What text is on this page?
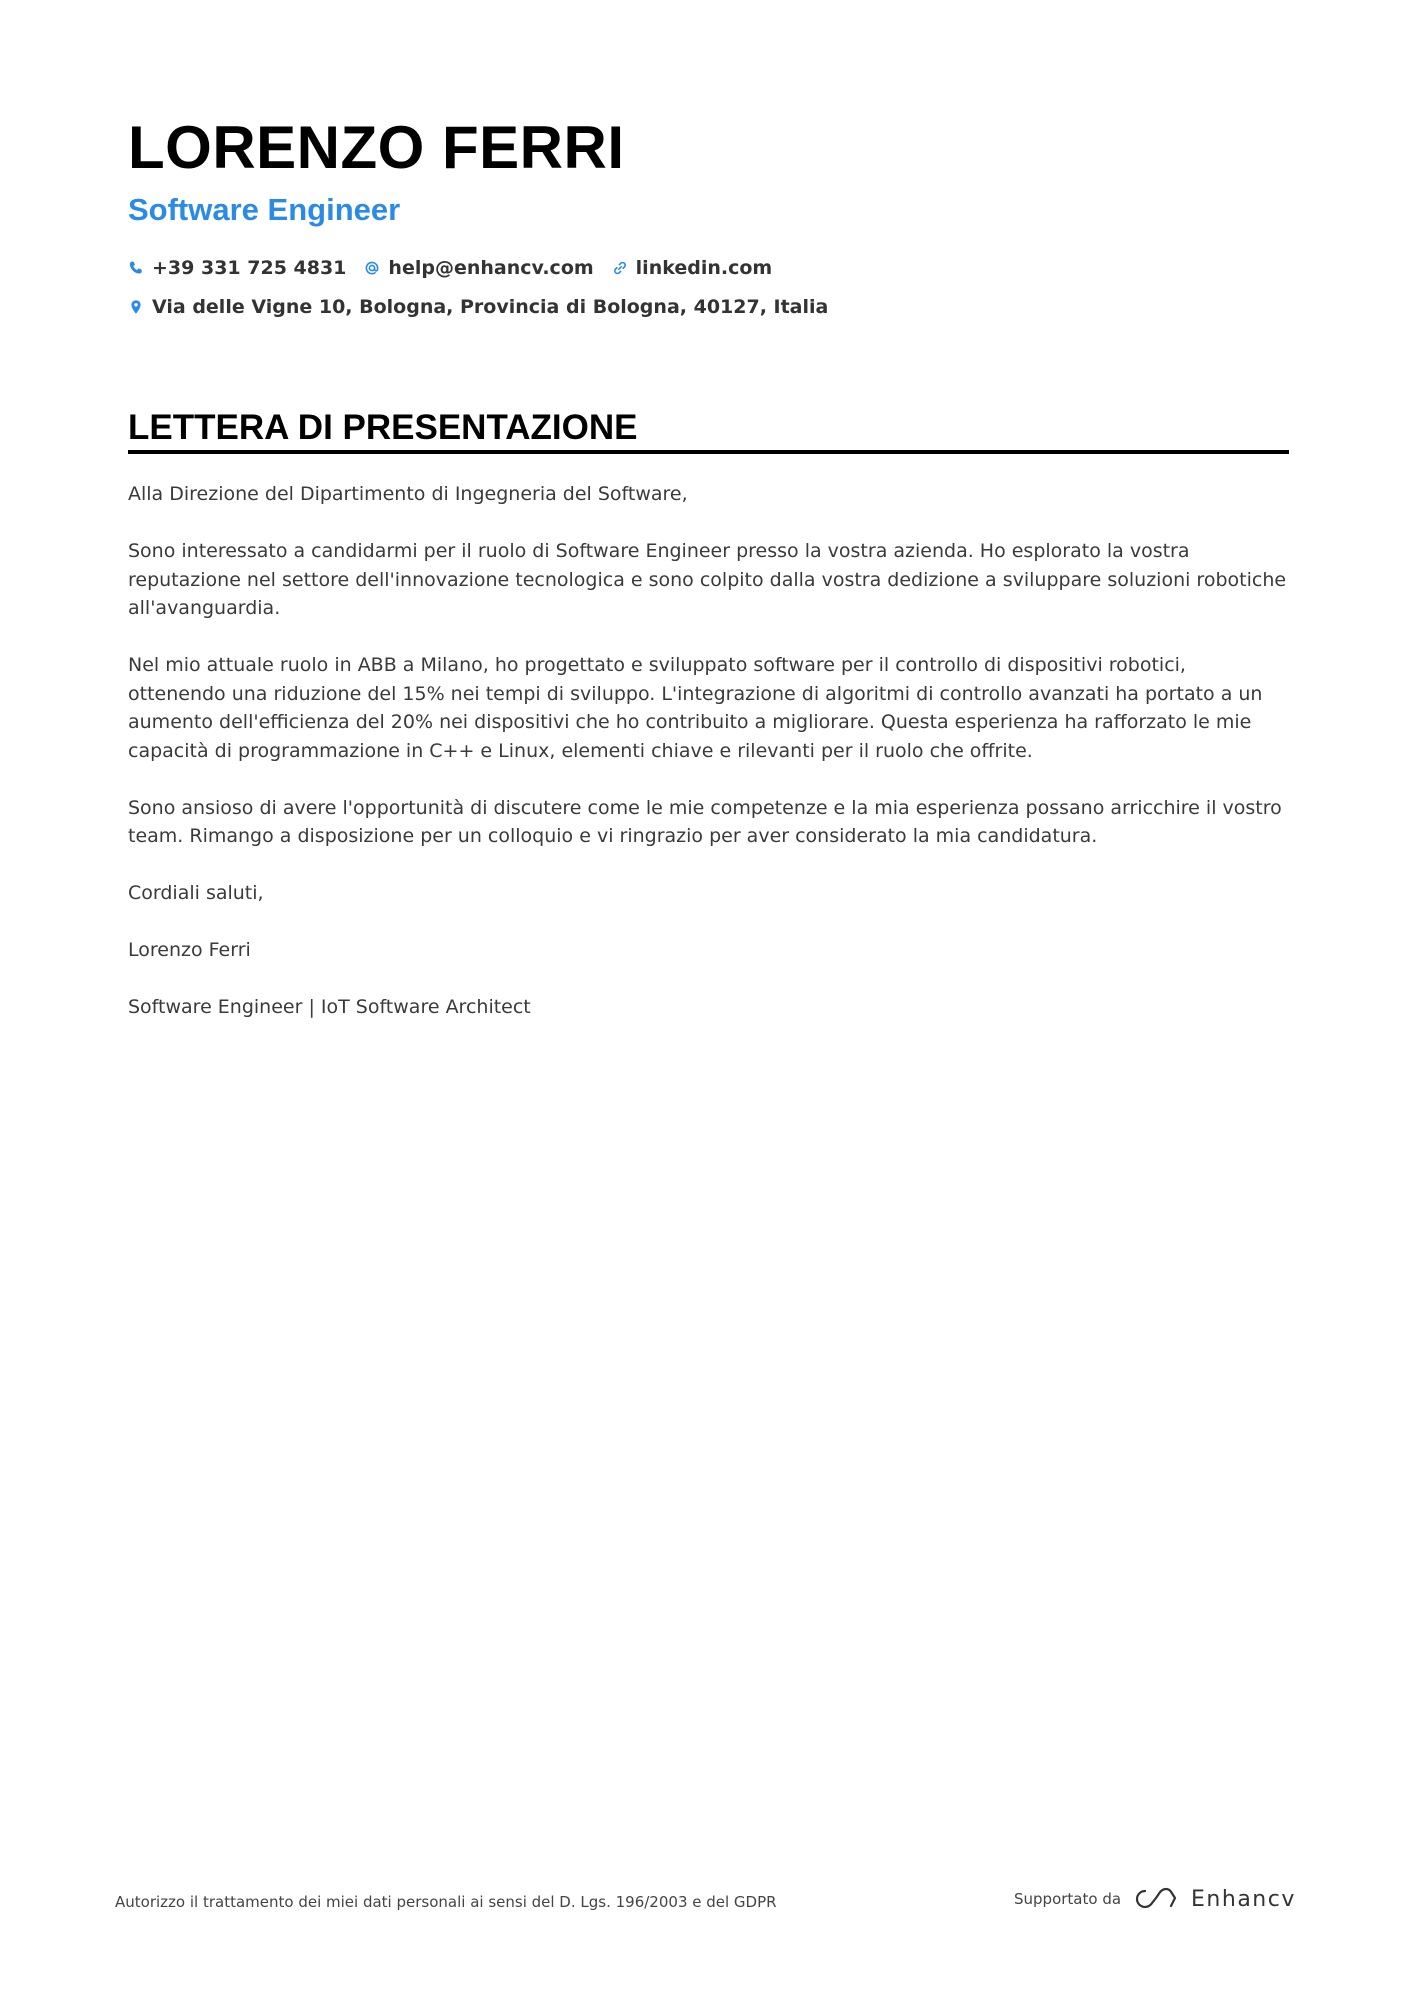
LORENZO FERRI
Software Engineer
+39 331 725 4831 help@enhancv.com linkedin.com
Via delle Vigne 10, Bologna, Provincia di Bologna, 40127, Italia
LETTERA DI PRESENTAZIONE

Alla Direzione del Dipartimento di Ingegneria del Software,

Sono interessato a candidarmi per il ruolo di Software Engineer presso la vostra azienda. Ho esplorato la vostra reputazione nel settore dell'innovazione tecnologica e sono colpito dalla vostra dedizione a sviluppare soluzioni robotiche all'avanguardia.

Nel mio attuale ruolo in ABB a Milano, ho progettato e sviluppato software per il controllo di dispositivi robotici, ottenendo una riduzione del 15% nei tempi di sviluppo. L'integrazione di algoritmi di controllo avanzati ha portato a un aumento dell'efficienza del 20% nei dispositivi che ho contribuito a migliorare. Questa esperienza ha rafforzato le mie capacità di programmazione in C++ e Linux, elementi chiave e rilevanti per il ruolo che offrite.

Sono ansioso di avere l'opportunità di discutere come le mie competenze e la mia esperienza possano arricchire il vostro team. Rimango a disposizione per un colloquio e vi ringrazio per aver considerato la mia candidatura.

Cordiali saluti,

Lorenzo Ferri

Software Engineer | IoT Software Architect

Autorizzo il trattamento dei miei dati personali ai sensi del D. Lgs. 196/2003 e del GDPR	Supportato da	Enhancv
